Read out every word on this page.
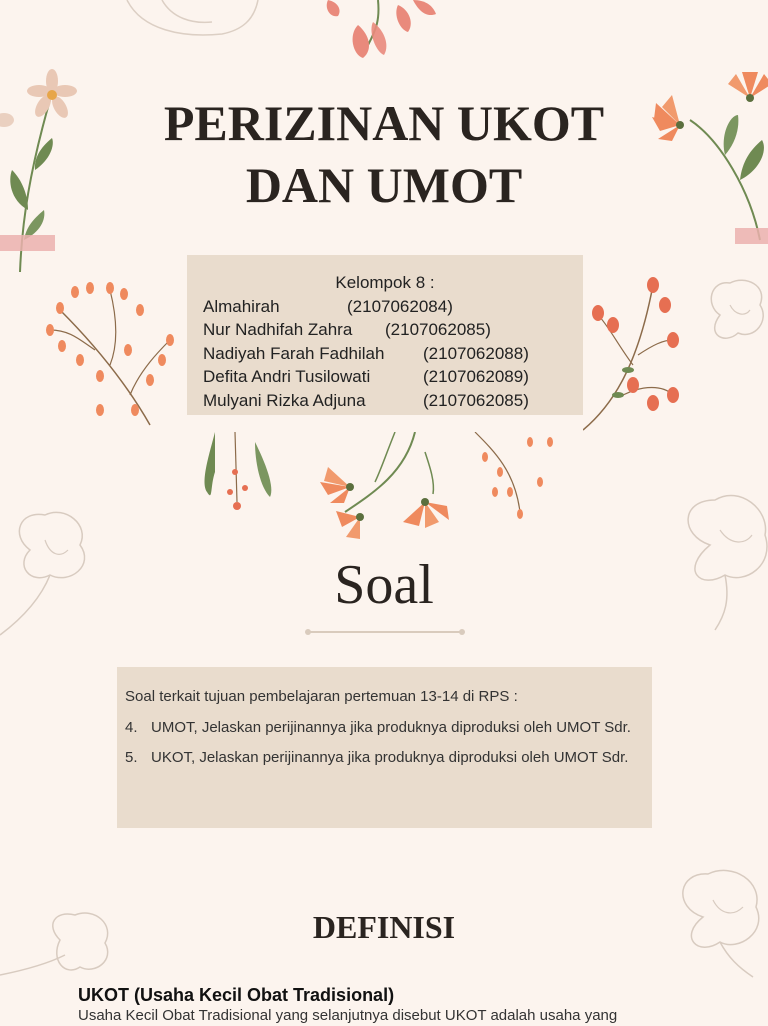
PERIZINAN UKOT
DAN UMOT
Kelompok 8 :
Almahirah	(2107062084)
Nur Nadhifah Zahra	(2107062085)
Nadiyah Farah Fadhilah	(2107062088)
Defita Andri Tusilowati	(2107062089)
Mulyani Rizka Adjuna	(2107062085)
Soal
Soal terkait tujuan pembelajaran pertemuan 13-14 di RPS :
4. UMOT, Jelaskan perijinannya jika produknya diproduksi oleh UMOT Sdr.
5. UKOT, Jelaskan perijinannya jika produknya diproduksi oleh UMOT Sdr.
DEFINISI
UKOT (Usaha Kecil Obat Tradisional)

Usaha Kecil Obat Tradisional yang selanjutnya disebut UKOT adalah usaha yang
